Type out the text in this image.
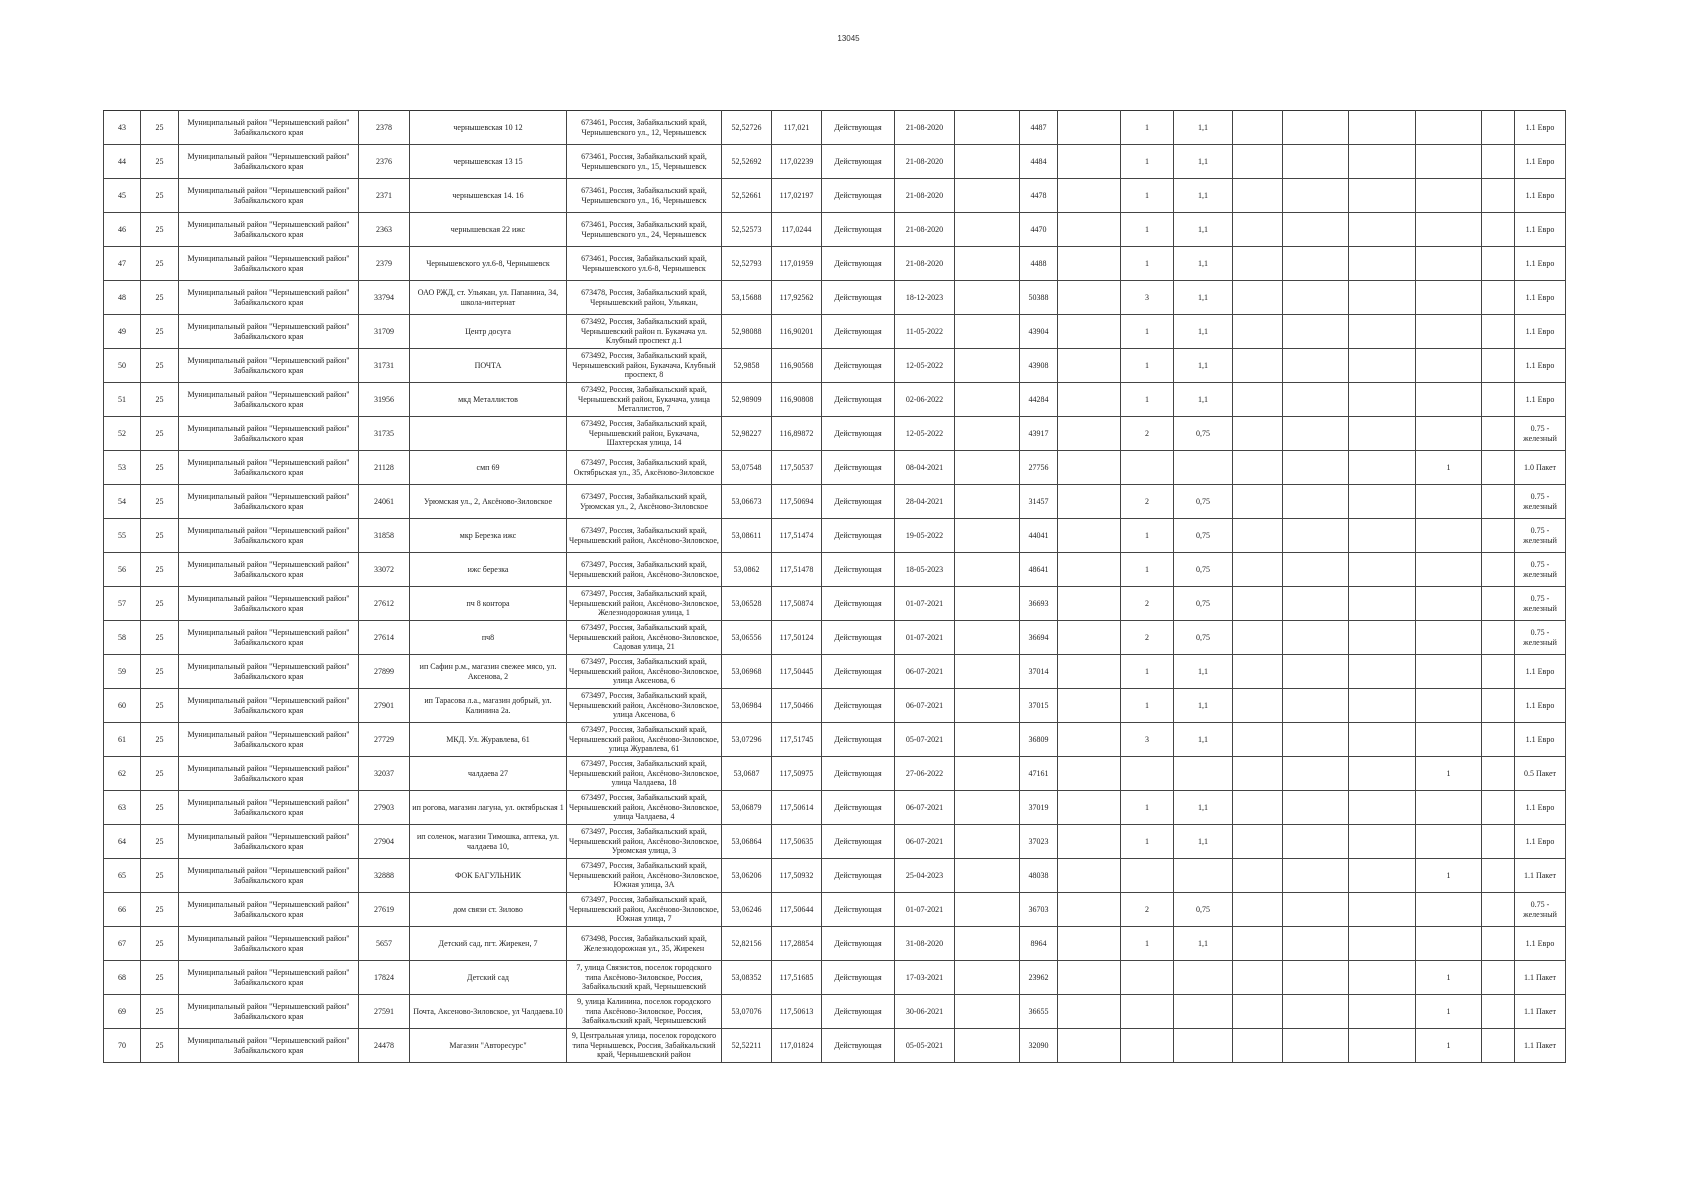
13045
43	25	Муниципальный район "Чернышевский район" Забайкальского края	2378	чернышевская 10 12	673461, Россия, Забайкальский край, Чернышевского ул., 12, Чернышевск	52,52726	117,021	Действующая	21-08-2020		4487		1	1,1						1.1 Евро

44	25	Муниципальный район "Чернышевский район" Забайкальского края	2376	чернышевская 13 15	673461, Россия, Забайкальский край, Чернышевского ул., 15, Чернышевск	52,52692	117,02239	Действующая	21-08-2020		4484		1	1,1						1.1 Евро

45	25	Муниципальный район "Чернышевский район" Забайкальского края	2371	чернышевская 14. 16	673461, Россия, Забайкальский край, Чернышевского ул., 16, Чернышевск	52,52661	117,02197	Действующая	21-08-2020		4478		1	1,1						1.1 Евро

46	25	Муниципальный район "Чернышевский район" Забайкальского края	2363	чернышевская 22 ижс	673461, Россия, Забайкальский край, Чернышевского ул., 24, Чернышевск	52,52573	117,0244	Действующая	21-08-2020		4470		1	1,1						1.1 Евро

47	25	Муниципальный район "Чернышевский район" Забайкальского края	2379	Чернышевского ул.6-8, Чернышевск	673461, Россия, Забайкальский край, Чернышевского ул.6-8, Чернышевск	52,52793	117,01959	Действующая	21-08-2020		4488		1	1,1						1.1 Евро

48	25	Муниципальный район "Чернышевский район" Забайкальского края	33794	ОАО РЖД, ст. Ульякан, ул. Папанина, 34, школа-интернат	673478, Россия, Забайкальский край, Чернышевский район, Ульякан,	53,15688	117,92562	Действующая	18-12-2023		50388		3	1,1						1.1 Евро

49	25	Муниципальный район "Чернышевский район" Забайкальского края	31709	Центр досуга	673492, Россия, Забайкальский край, Чернышевский район п. Букачача ул. Клубный проспект д.1	52,98088	116,90201	Действующая	11-05-2022		43904		1	1,1						1.1 Евро

50	25	Муниципальный район "Чернышевский район" Забайкальского края	31731	ПОЧТА	673492, Россия, Забайкальский край, Чернышевский район, Букачача, Клубный проспект, 8	52,9858	116,90568	Действующая	12-05-2022		43908		1	1,1						1.1 Евро

51	25	Муниципальный район "Чернышевский район" Забайкальского края	31956	мкд Металлистов	673492, Россия, Забайкальский край, Чернышевский район, Букачача, улица Металлистов, 7	52,98909	116,90808	Действующая	02-06-2022		44284		1	1,1						1.1 Евро

52	25	Муниципальный район "Чернышевский район" Забайкальского края	31735		673492, Россия, Забайкальский край, Чернышевский район, Букачача, Шахтерская улица, 14	52,98227	116,89872	Действующая	12-05-2022		43917		2	0,75						0.75 - железный

53	25	Муниципальный район "Чернышевский район" Забайкальского края	21128	смп 69	673497, Россия, Забайкальский край, Октябрьская ул., 35, Аксёново-Зиловское	53,07548	117,50537	Действующая	08-04-2021		27756							1		1.0 Пакет

54	25	Муниципальный район "Чернышевский район" Забайкальского края	24061	Урюмская ул., 2, Аксёново-Зиловское	673497, Россия, Забайкальский край, Урюмская ул., 2, Аксёново-Зиловское	53,06673	117,50694	Действующая	28-04-2021		31457		2	0,75						0.75 - железный

55	25	Муниципальный район "Чернышевский район" Забайкальского края	31858	мкр Березка ижс	673497, Россия, Забайкальский край, Чернышевский район, Аксёново-Зиловское,	53,08611	117,51474	Действующая	19-05-2022		44041		1	0,75						0.75 - железный

56	25	Муниципальный район "Чернышевский район" Забайкальского края	33072	ижс березка	673497, Россия, Забайкальский край, Чернышевский район, Аксёново-Зиловское,	53,0862	117,51478	Действующая	18-05-2023		48641		1	0,75						0.75 - железный

57	25	Муниципальный район "Чернышевский район" Забайкальского края	27612	пч 8 контора	673497, Россия, Забайкальский край, Чернышевский район, Аксёново-Зиловское, Железнодорожная улица, 1	53,06528	117,50874	Действующая	01-07-2021		36693		2	0,75						0.75 - железный

58	25	Муниципальный район "Чернышевский район" Забайкальского края	27614	пч8	673497, Россия, Забайкальский край, Чернышевский район, Аксёново-Зиловское, Садовая улица, 21	53,06556	117,50124	Действующая	01-07-2021		36694		2	0,75						0.75 - железный

59	25	Муниципальный район "Чернышевский район" Забайкальского края	27899	ип Сафин р.м., магазин свежее мясо, ул. Аксенова, 2	673497, Россия, Забайкальский край, Чернышевский район, Аксёново-Зиловское, улица Аксенова, 6	53,06968	117,50445	Действующая	06-07-2021		37014		1	1,1						1.1 Евро

60	25	Муниципальный район "Чернышевский район" Забайкальского края	27901	ип Тарасова л.а., магазин добрый, ул. Калинина 2а.	673497, Россия, Забайкальский край, Чернышевский район, Аксёново-Зиловское, улица Аксенова, 6	53,06984	117,50466	Действующая	06-07-2021		37015		1	1,1						1.1 Евро

61	25	Муниципальный район "Чернышевский район" Забайкальского края	27729	МКД. Ул. Журавлева, 61	673497, Россия, Забайкальский край, Чернышевский район, Аксёново-Зиловское, улица Журавлева, 61	53,07296	117,51745	Действующая	05-07-2021		36809		3	1,1						1.1 Евро

62	25	Муниципальный район "Чернышевский район" Забайкальского края	32037	чалдаева 27	673497, Россия, Забайкальский край, Чернышевский район, Аксёново-Зиловское, улица Чалдаева, 18	53,0687	117,50975	Действующая	27-06-2022		47161							1		0.5 Пакет

63	25	Муниципальный район "Чернышевский район" Забайкальского края	27903	ип рогова, магазин лагуна, ул. октябрьская 1	673497, Россия, Забайкальский край, Чернышевский район, Аксёново-Зиловское, улица Чалдаева, 4	53,06879	117,50614	Действующая	06-07-2021		37019		1	1,1						1.1 Евро

64	25	Муниципальный район "Чернышевский район" Забайкальского края	27904	ип соленок, магазин Тимошка, аптека, ул. чалдаева 10,	673497, Россия, Забайкальский край, Чернышевский район, Аксёново-Зиловское, Урюмская улица, 3	53,06864	117,50635	Действующая	06-07-2021		37023		1	1,1						1.1 Евро

65	25	Муниципальный район "Чернышевский район" Забайкальского края	32888	ФОК БАГУЛЬНИК	673497, Россия, Забайкальский край, Чернышевский район, Аксёново-Зиловское, Южная улица, 3А	53,06206	117,50932	Действующая	25-04-2023		48038							1		1.1 Пакет

66	25	Муниципальный район "Чернышевский район" Забайкальского края	27619	дом связи ст. Зилово	673497, Россия, Забайкальский край, Чернышевский район, Аксёново-Зиловское, Южная улица, 7	53,06246	117,50644	Действующая	01-07-2021		36703		2	0,75						0.75 - железный

67	25	Муниципальный район "Чернышевский район" Забайкальского края	5657	Детский сад, пгт. Жирекен, 7	673498, Россия, Забайкальский край, Железнодорожная ул., 35, Жирекен	52,82156	117,28854	Действующая	31-08-2020		8964		1	1,1						1.1 Евро

68	25	Муниципальный район "Чернышевский район" Забайкальского края	17824	Детский сад	7, улица Связистов, поселок городского типа Аксёново-Зиловское, Россия, Забайкальский край, Чернышевский	53,08352	117,51685	Действующая	17-03-2021		23962							1		1.1 Пакет

69	25	Муниципальный район "Чернышевский район" Забайкальского края	27591	Почта, Аксеново-Зиловское, ул Чалдаева.10	9, улица Калинина, поселок городского типа Аксёново-Зиловское, Россия, Забайкальский край, Чернышевский	53,07076	117,50613	Действующая	30-06-2021		36655							1		1.1 Пакет

70	25	Муниципальный район "Чернышевский район" Забайкальского края	24478	Магазин "Авторесурс"	9, Центральная улица, поселок городского типа Чернышевск, Россия, Забайкальский край, Чернышевский район	52,52211	117,01824	Действующая	05-05-2021		32090							1		1.1 Пакет
